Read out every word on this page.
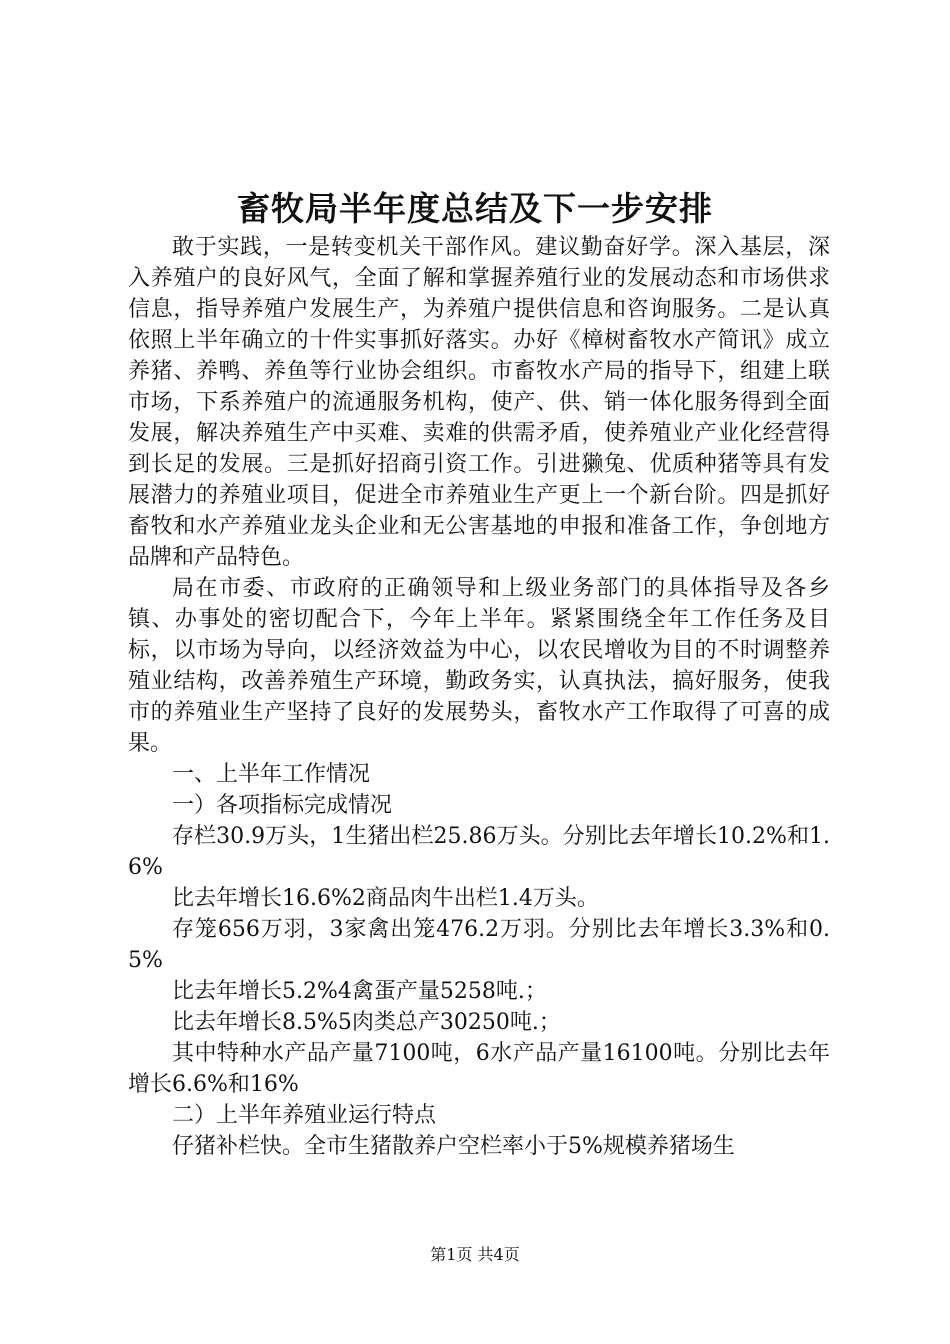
畜牧局半年度总结及下一步安排

敢于实践，一是转变机关干部作风。建议勤奋好学。深入基层，深入养殖户的良好风气，全面了解和掌握养殖行业的发展动态和市场供求信息，指导养殖户发展生产，为养殖户提供信息和咨询服务。二是认真依照上半年确立的十件实事抓好落实。办好《樟树畜牧水产简讯》成立养猪、养鸭、养鱼等行业协会组织。市畜牧水产局的指导下，组建上联市场，下系养殖户的流通服务机构，使产、供、销一体化服务得到全面发展，解决养殖生产中买难、卖难的供需矛盾，使养殖业产业化经营得到长足的发展。三是抓好招商引资工作。引进獭兔、优质种猪等具有发展潜力的养殖业项目，促进全市养殖业生产更上一个新台阶。四是抓好畜牧和水产养殖业龙头企业和无公害基地的申报和准备工作，争创地方品牌和产品特色。

局在市委、市政府的正确领导和上级业务部门的具体指导及各乡镇、办事处的密切配合下，今年上半年。紧紧围绕全年工作任务及目标，以市场为导向，以经济效益为中心，以农民增收为目的不时调整养殖业结构，改善养殖生产环境，勤政务实，认真执法，搞好服务，使我市的养殖业生产坚持了良好的发展势头，畜牧水产工作取得了可喜的成果。

一、上半年工作情况

一）各项指标完成情况

存栏30.9万头，1生猪出栏25.86万头。分别比去年增长10.2%和1.6%

比去年增长16.6%2商品肉牛出栏1.4万头。

存笼656万羽，3家禽出笼476.2万羽。分别比去年增长3.3%和0.5%

比去年增长5.2%4禽蛋产量5258吨.；

比去年增长8.5%5肉类总产30250吨.；

其中特种水产品产量7100吨，6水产品产量16100吨。分别比去年增长6.6%和16%

二）上半年养殖业运行特点

仔猪补栏快。全市生猪散养户空栏率小于5%规模养猪场生

第1页 共4页
